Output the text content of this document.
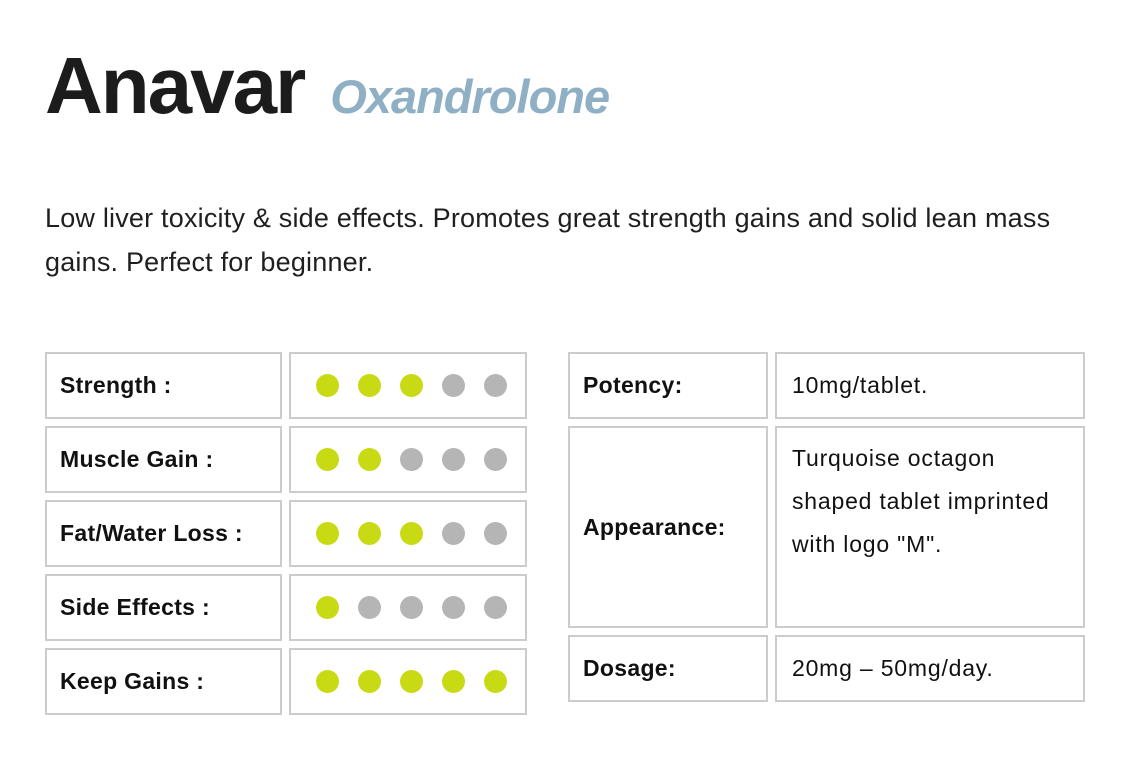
Anavar Oxandrolone

Low liver toxicity & side effects. Promotes great strength gains and solid lean mass gains. Perfect for beginner.

Strength :
Muscle Gain :
Fat/Water Loss :
Side Effects :
Keep Gains :
Potency:	10mg/tablet.
Appearance:
Turquoise octagon shaped tablet imprinted with logo "M".
Dosage:	20mg – 50mg/day.
